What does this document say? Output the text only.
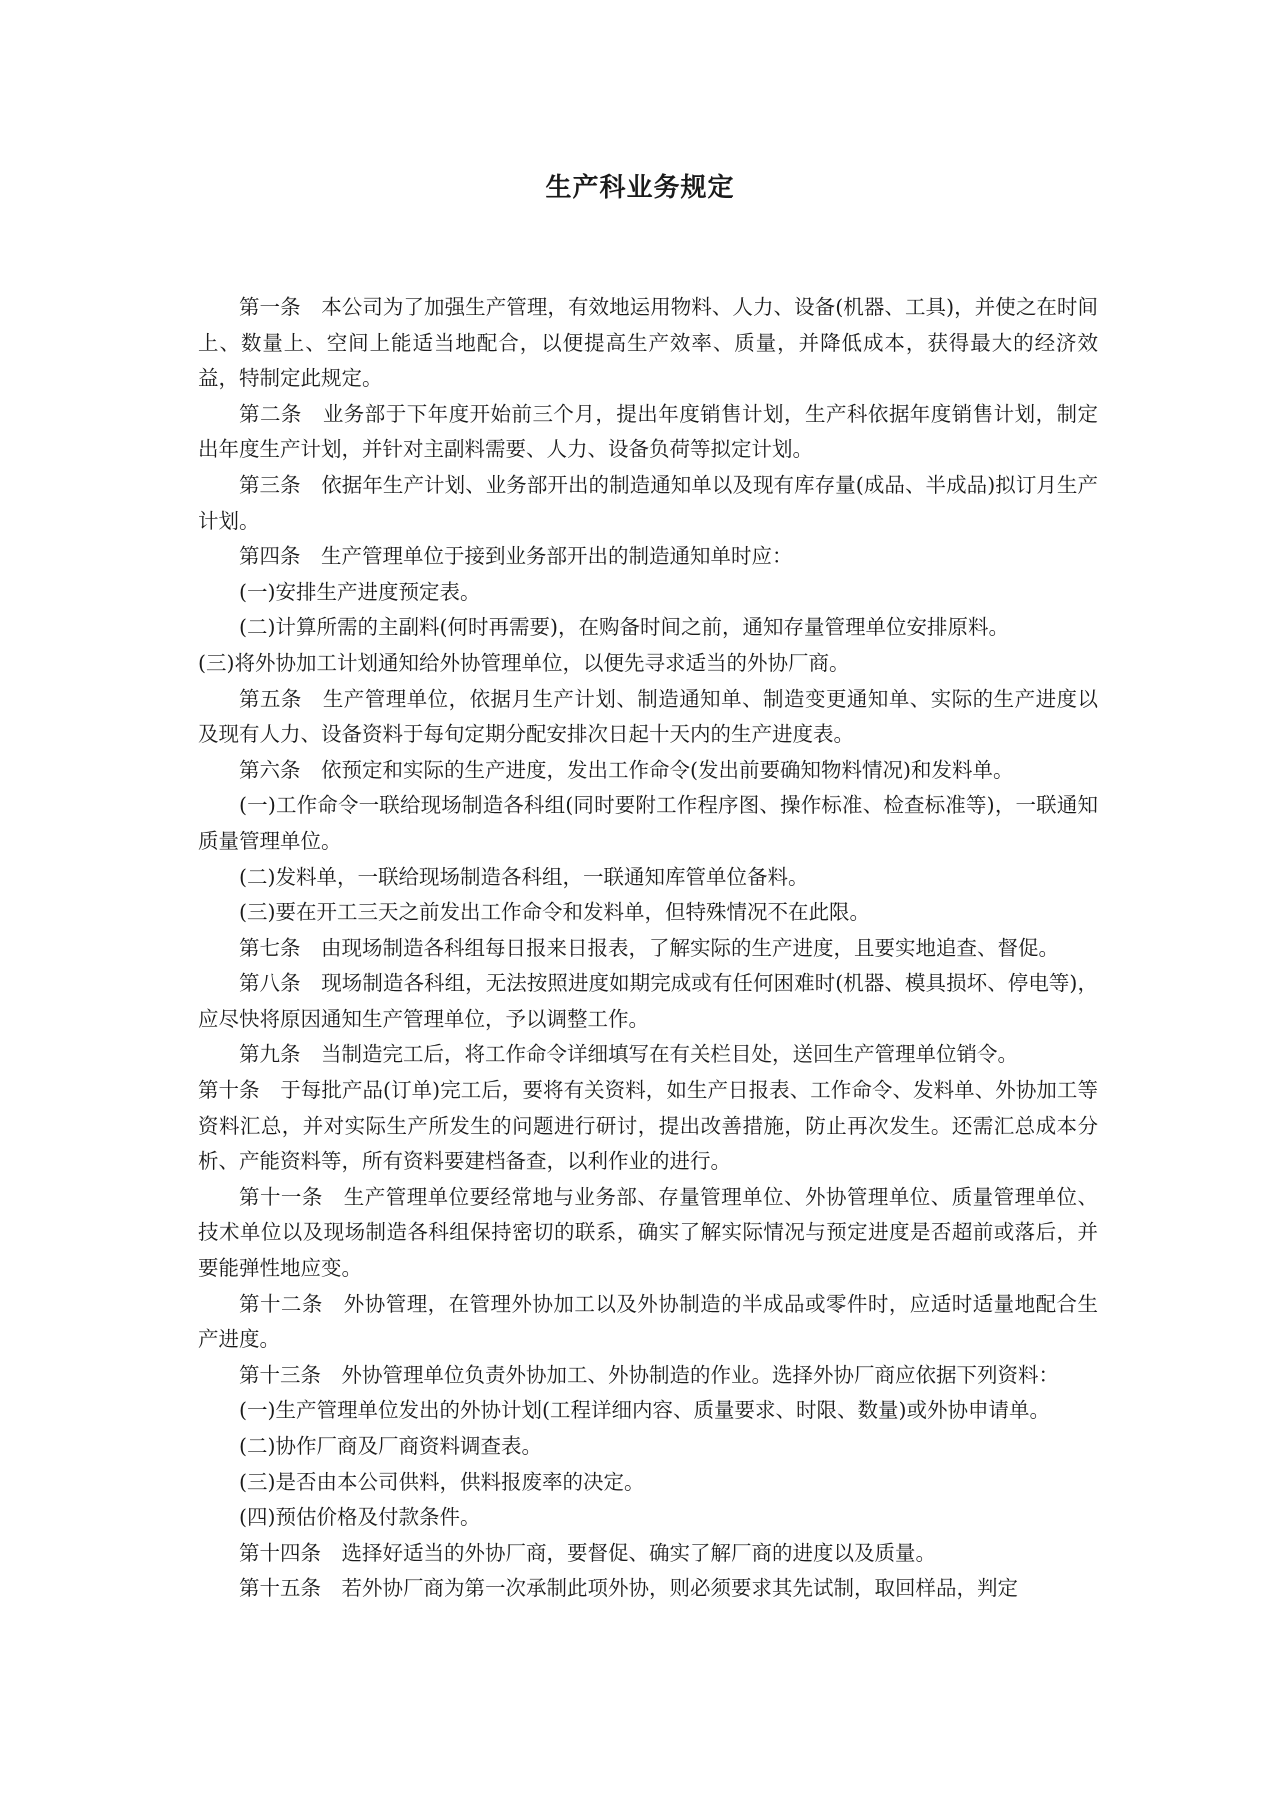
生产科业务规定

第一条　本公司为了加强生产管理，有效地运用物料、人力、设备(机器、工具)，并使之在时间上、数量上、空间上能适当地配合，以便提高生产效率、质量，并降低成本，获得最大的经济效益，特制定此规定。

第二条　业务部于下年度开始前三个月，提出年度销售计划，生产科依据年度销售计划，制定出年度生产计划，并针对主副料需要、人力、设备负荷等拟定计划。

第三条　依据年生产计划、业务部开出的制造通知单以及现有库存量(成品、半成品)拟订月生产计划。

第四条　生产管理单位于接到业务部开出的制造通知单时应：

(一)安排生产进度预定表。

(二)计算所需的主副料(何时再需要)，在购备时间之前，通知存量管理单位安排原料。

(三)将外协加工计划通知给外协管理单位，以便先寻求适当的外协厂商。

第五条　生产管理单位，依据月生产计划、制造通知单、制造变更通知单、实际的生产进度以及现有人力、设备资料于每旬定期分配安排次日起十天内的生产进度表。

第六条　依预定和实际的生产进度，发出工作命令(发出前要确知物料情况)和发料单。

(一)工作命令一联给现场制造各科组(同时要附工作程序图、操作标准、检查标准等)，一联通知质量管理单位。

(二)发料单，一联给现场制造各科组，一联通知库管单位备料。

(三)要在开工三天之前发出工作命令和发料单，但特殊情况不在此限。

第七条　由现场制造各科组每日报来日报表，了解实际的生产进度，且要实地追查、督促。

第八条　现场制造各科组，无法按照进度如期完成或有任何困难时(机器、模具损坏、停电等)，应尽快将原因通知生产管理单位，予以调整工作。

第九条　当制造完工后，将工作命令详细填写在有关栏目处，送回生产管理单位销令。

第十条　于每批产品(订单)完工后，要将有关资料，如生产日报表、工作命令、发料单、外协加工等资料汇总，并对实际生产所发生的问题进行研讨，提出改善措施，防止再次发生。还需汇总成本分析、产能资料等，所有资料要建档备查，以利作业的进行。

第十一条　生产管理单位要经常地与业务部、存量管理单位、外协管理单位、质量管理单位、技术单位以及现场制造各科组保持密切的联系，确实了解实际情况与预定进度是否超前或落后，并要能弹性地应变。

第十二条　外协管理，在管理外协加工以及外协制造的半成品或零件时，应适时适量地配合生产进度。

第十三条　外协管理单位负责外协加工、外协制造的作业。选择外协厂商应依据下列资料：

(一)生产管理单位发出的外协计划(工程详细内容、质量要求、时限、数量)或外协申请单。

(二)协作厂商及厂商资料调查表。

(三)是否由本公司供料，供料报废率的决定。

(四)预估价格及付款条件。

第十四条　选择好适当的外协厂商，要督促、确实了解厂商的进度以及质量。

第十五条　若外协厂商为第一次承制此项外协，则必须要求其先试制，取回样品，判定
